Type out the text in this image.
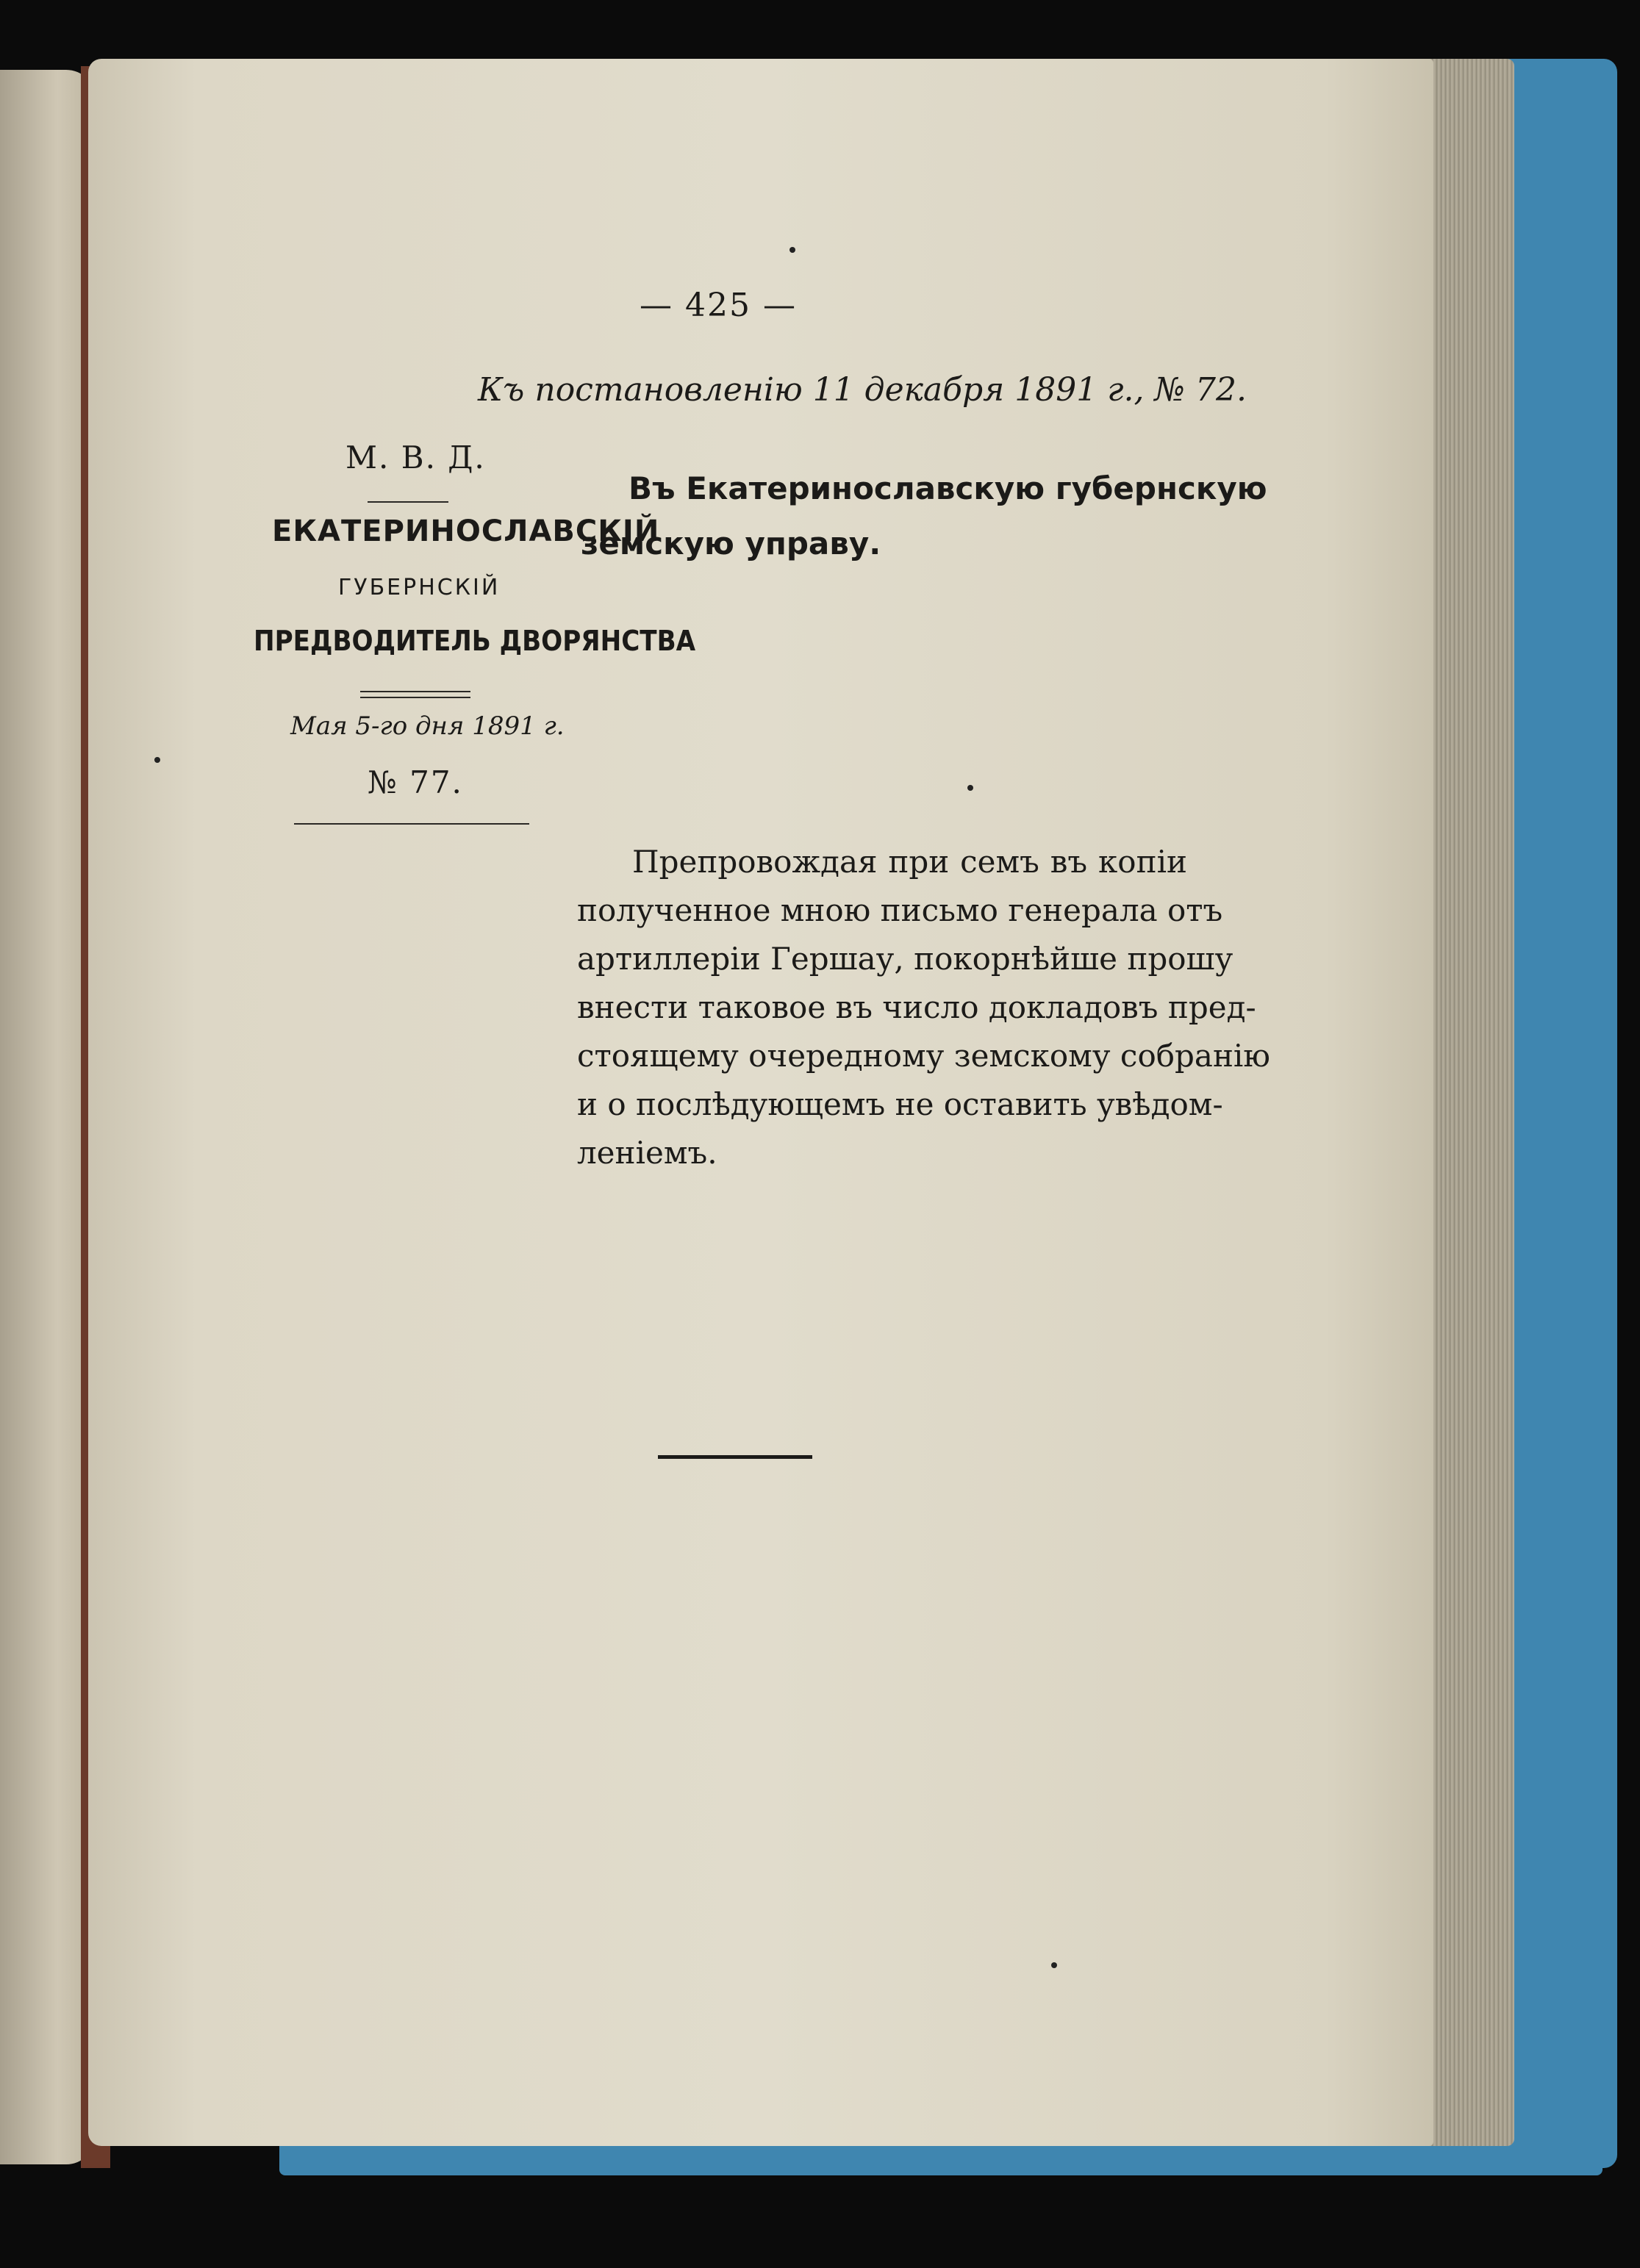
— 425 —
Къ постановленію 11 декабря 1891 г., № 72.
М. В. Д.
ЕКАТЕРИНОСЛАВСКІЙ
ГУБЕРНСКІЙ
ПРЕДВОДИТЕЛЬ ДВОРЯНСТВА
Мая 5-го дня 1891 г.
№ 77.
Въ Екатеринославскую губернскую
земскую управу.
Препровождая при семъ въ копіи
полученное мною письмо генерала отъ
артиллеріи Гершау, покорнѣйше прошу
внести таковое въ число докладовъ пред-
стоящему очередному земскому собранію
и о послѣдующемъ не оставить увѣдом-
леніемъ.
